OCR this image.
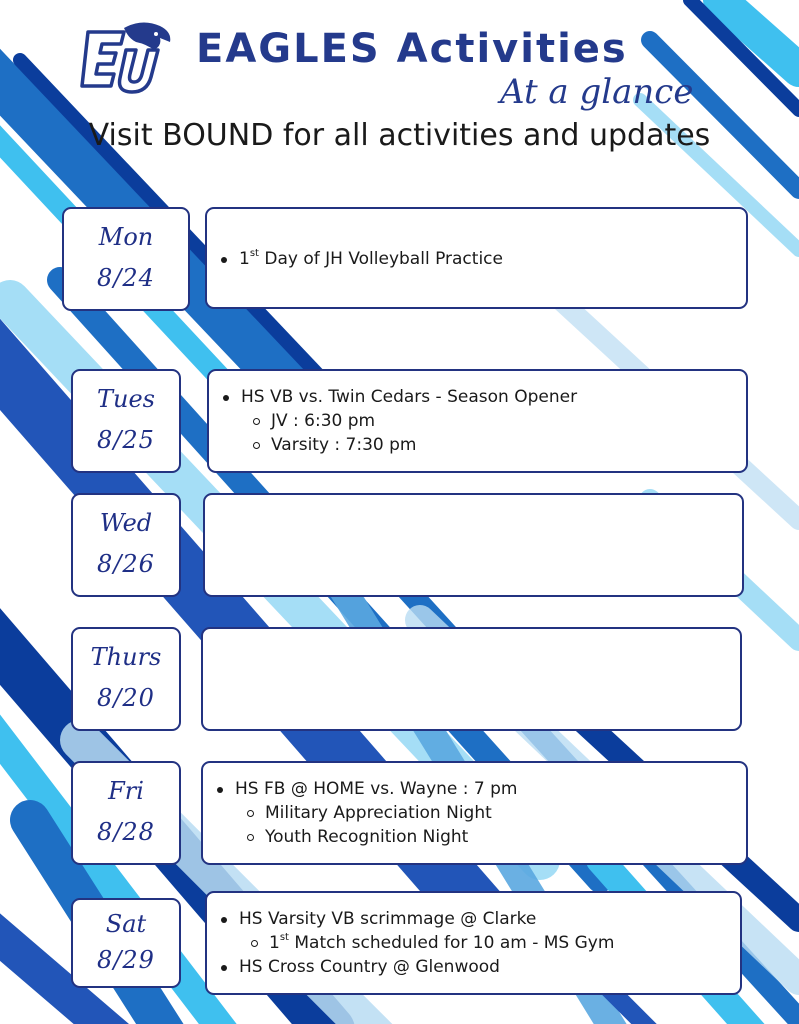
EAGLES Activities
At a glance
Visit BOUND for all activities and updates
Mon
8/24
1st Day of JH Volleyball Practice
Tues
8/25
HS VB vs. Twin Cedars - Season Opener
JV : 6:30 pm
Varsity : 7:30 pm
Wed
8/26
Thurs
8/20
Fri
8/28
HS FB @ HOME vs. Wayne : 7 pm
Military Appreciation Night
Youth Recognition Night
Sat
8/29
HS Varsity VB scrimmage @ Clarke
1st Match scheduled for 10 am - MS Gym
HS Cross Country @ Glenwood
